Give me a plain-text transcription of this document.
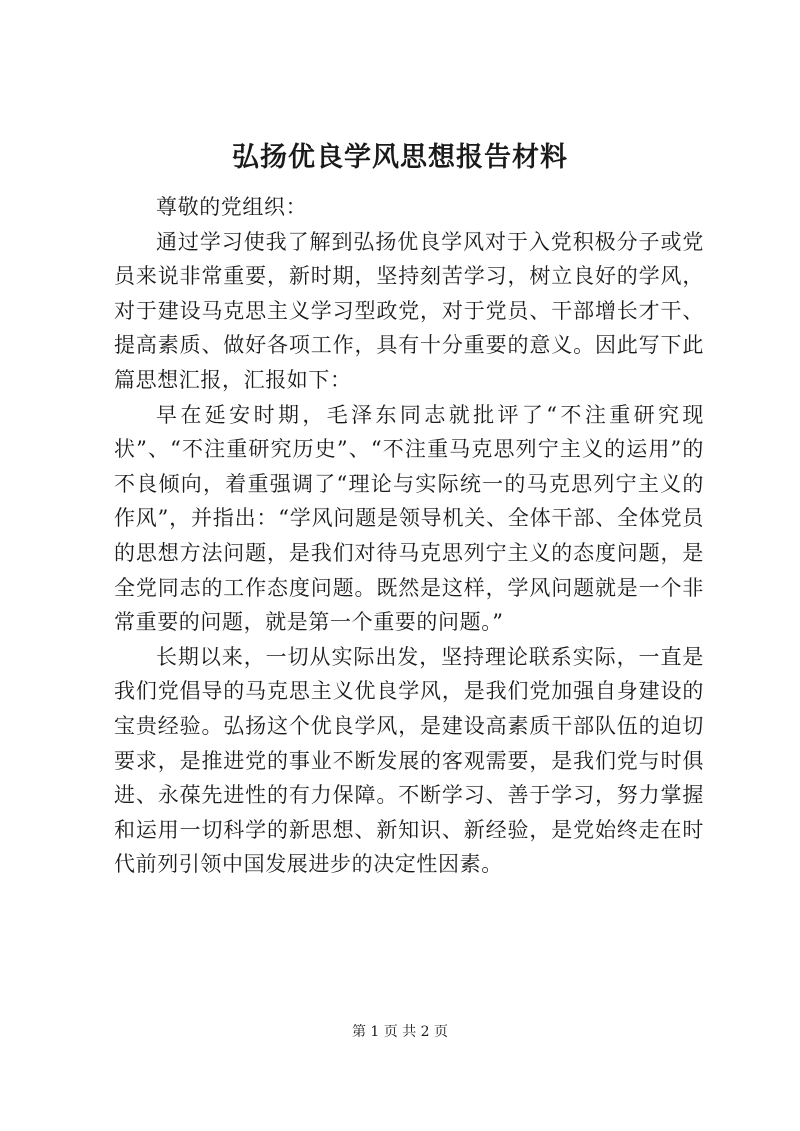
弘扬优良学风思想报告材料

尊敬的党组织：

通过学习使我了解到弘扬优良学风对于入党积极分子或党员来说非常重要，新时期，坚持刻苦学习，树立良好的学风，对于建设马克思主义学习型政党，对于党员、干部增长才干、提高素质、做好各项工作，具有十分重要的意义。因此写下此篇思想汇报，汇报如下：

早在延安时期，毛泽东同志就批评了“不注重研究现状”、“不注重研究历史”、“不注重马克思列宁主义的运用”的不良倾向，着重强调了“理论与实际统一的马克思列宁主义的作风”，并指出：“学风问题是领导机关、全体干部、全体党员的思想方法问题，是我们对待马克思列宁主义的态度问题，是全党同志的工作态度问题。既然是这样，学风问题就是一个非常重要的问题，就是第一个重要的问题。”

长期以来，一切从实际出发，坚持理论联系实际，一直是我们党倡导的马克思主义优良学风，是我们党加强自身建设的宝贵经验。弘扬这个优良学风，是建设高素质干部队伍的迫切要求，是推进党的事业不断发展的客观需要，是我们党与时俱进、永葆先进性的有力保障。不断学习、善于学习，努力掌握和运用一切科学的新思想、新知识、新经验，是党始终走在时代前列引领中国发展进步的决定性因素。

第 1 页 共 2 页
